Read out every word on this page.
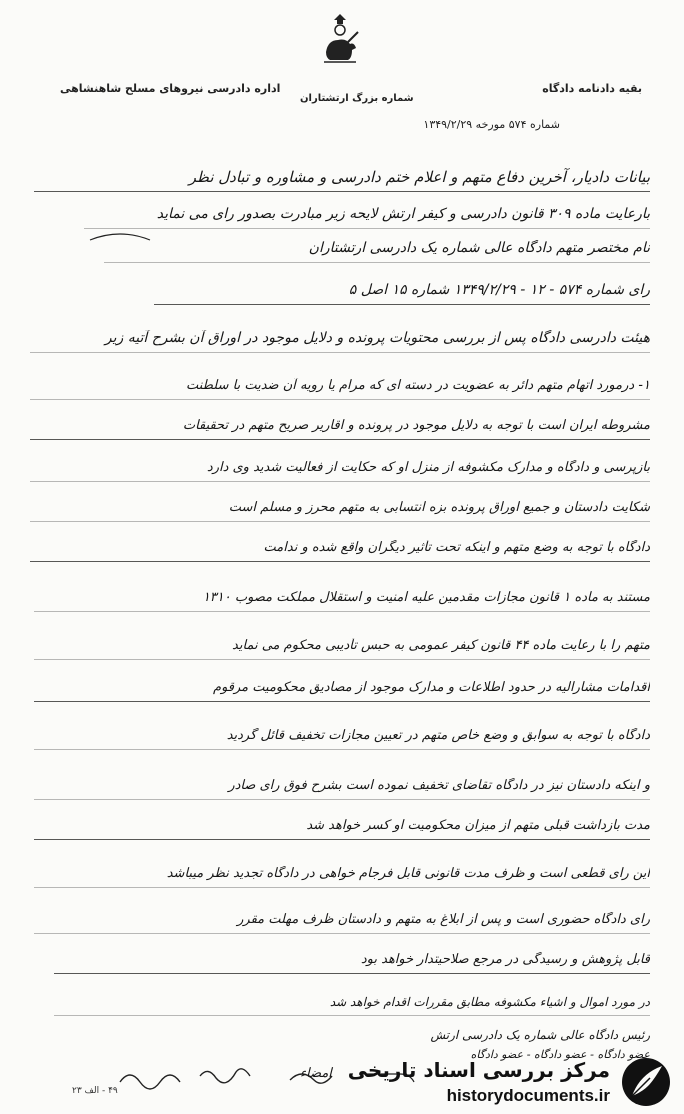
اداره دادرسی نیروهای مسلح شاهنشاهی
شماره بزرگ ارتشتاران
بقیه دادنامه دادگاه
شماره ۵۷۴ مورخه ۱۳۴۹/۲/۲۹
بیانات دادیار، آخرین دفاع متهم و اعلام ختم دادرسی و مشاوره و تبادل نظر
بارعایت ماده ۳۰۹ قانون دادرسی و کیفر ارتش لایحه زیر مبادرت بصدور رای می نماید
نام مختصر متهم دادگاه عالی شماره یک دادرسی ارتشتاران
رای شماره ۵۷۴ - ۱۲ - ۱۳۴۹/۲/۲۹ شماره ۱۵ اصل ۵
هیئت دادرسی دادگاه پس از بررسی محتویات پرونده و دلایل موجود در اوراق آن بشرح آتیه زیر
۱- درمورد اتهام متهم دائر به عضویت در دسته ای که مرام یا رویه آن ضدیت با سلطنت
مشروطه ایران است با توجه به دلایل موجود در پرونده و اقاریر صریح متهم در تحقیقات
بازپرسی و دادگاه و مدارک مکشوفه از منزل او که حکایت از فعالیت شدید وی دارد
شکایت دادستان و جمیع اوراق پرونده بزه انتسابی به متهم محرز و مسلم است
دادگاه با توجه به وضع متهم و اینکه تحت تأثیر دیگران واقع شده و ندامت
مستند به ماده ۱ قانون مجازات مقدمین علیه امنیت و استقلال مملکت مصوب ۱۳۱۰
متهم را با رعایت ماده ۴۴ قانون کیفر عمومی به حبس تأدیبی محکوم می نماید
اقدامات مشارالیه در حدود اطلاعات و مدارک موجود از مصادیق محکومیت مرقوم
دادگاه با توجه به سوابق و وضع خاص متهم در تعیین مجازات تخفیف قائل گردید
و اینکه دادستان نیز در دادگاه تقاضای تخفیف نموده است بشرح فوق رای صادر
مدت بازداشت قبلی متهم از میزان محکومیت او کسر خواهد شد
این رای قطعی است و ظرف مدت قانونی قابل فرجام خواهی در دادگاه تجدید نظر میباشد
رای دادگاه حضوری است و پس از ابلاغ به متهم و دادستان ظرف مهلت مقرر
قابل پژوهش و رسیدگی در مرجع صلاحیتدار خواهد بود
در مورد اموال و اشیاء مکشوفه مطابق مقررات اقدام خواهد شد
رئیس دادگاه عالی شماره یک دادرسی ارتش
عضو دادگاه - عضو دادگاه - عضو دادگاه
امضاء
۴۹ - الف ۲۳
مرکز بررسی اسناد تاریخی
historydocuments.ir
